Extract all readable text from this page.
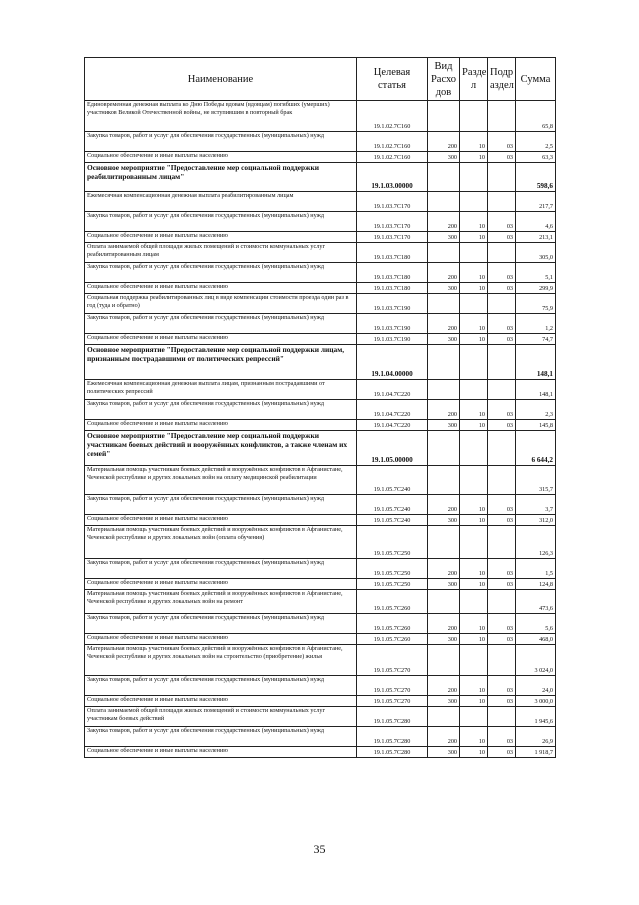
Наименование	Целевая статья	Вид Расхо дов	Разде л	Подр аздел	Сумма
Единовременная денежная выплата ко Дню Победы вдовам (вдовцам) погибших (умерших) участников Великой Отечественной войны, не вступившим в повторный брак	19.1.02.7С160				65,8
Закупка товаров, работ и услуг для обеспечения государственных (муниципальных) нужд	19.1.02.7С160	200	10	03	2,5
Социальное обеспечение и иные выплаты населению	19.1.02.7С160	300	10	03	63,3
Основное мероприятие "Предоставление мер социальной поддержки реабилитированным лицам"	19.1.03.00000				598,6
Ежемесячная компенсационная денежная выплата реабилитированным лицам	19.1.03.7С170				217,7
Закупка товаров, работ и услуг для обеспечения государственных (муниципальных) нужд	19.1.03.7С170	200	10	03	4,6
Социальное обеспечение и иные выплаты населению	19.1.03.7С170	300	10	03	213,1
Оплата занимаемой общей площади жилых помещений и стоимости коммунальных услуг реабилитированным лицам	19.1.03.7С180				305,0
Закупка товаров, работ и услуг для обеспечения государственных (муниципальных) нужд	19.1.03.7С180	200	10	03	5,1
Социальное обеспечение и иные выплаты населению	19.1.03.7С180	300	10	03	299,9
Социальная поддержка реабилитированных лиц в виде компенсации стоимости проезда один раз в год (туда и обратно)	19.1.03.7С190				75,9
Закупка товаров, работ и услуг для обеспечения государственных (муниципальных) нужд	19.1.03.7С190	200	10	03	1,2
Социальное обеспечение и иные выплаты населению	19.1.03.7С190	300	10	03	74,7
Основное мероприятие "Предоставление мер социальной поддержки лицам, признанным пострадавшими от политических репрессий"	19.1.04.00000				148,1
Ежемесячная компенсационная денежная выплата лицам, признанным пострадавшими от политических репрессий	19.1.04.7С220				148,1
Закупка товаров, работ и услуг для обеспечения государственных (муниципальных) нужд	19.1.04.7С220	200	10	03	2,3
Социальное обеспечение и иные выплаты населению	19.1.04.7С220	300	10	03	145,8
Основное мероприятие "Предоставление мер социальной поддержки участникам боевых действий и вооружённых конфликтов, а также членам их семей"	19.1.05.00000				6 644,2
Материальная помощь участникам боевых действий и вооружённых конфликтов в Афганистане, Чеченской республике и других локальных войн на оплату медицинской реабилитации	19.1.05.7С240				315,7
Закупка товаров, работ и услуг для обеспечения государственных (муниципальных) нужд	19.1.05.7С240	200	10	03	3,7
Социальное обеспечение и иные выплаты населению	19.1.05.7С240	300	10	03	312,0
Материальная помощь участникам боевых действий и вооружённых конфликтов в Афганистане, Чеченской республике и других локальных войн (оплата обучения)	19.1.05.7С250				126,3
Закупка товаров, работ и услуг для обеспечения государственных (муниципальных) нужд	19.1.05.7С250	200	10	03	1,5
Социальное обеспечение и иные выплаты населению	19.1.05.7С250	300	10	03	124,8
Материальная помощь участникам боевых действий и вооружённых конфликтов в Афганистане, Чеченской республике и других локальных войн на ремонт	19.1.05.7С260				473,6
Закупка товаров, работ и услуг для обеспечения государственных (муниципальных) нужд	19.1.05.7С260	200	10	03	5,6
Социальное обеспечение и иные выплаты населению	19.1.05.7С260	300	10	03	468,0
Материальная помощь участникам боевых действий и вооружённых конфликтов в Афганистане, Чеченской республике и других локальных войн на строительство (приобретение) жилья	19.1.05.7С270				3 024,0
Закупка товаров, работ и услуг для обеспечения государственных (муниципальных) нужд	19.1.05.7С270	200	10	03	24,0
Социальное обеспечение и иные выплаты населению	19.1.05.7С270	300	10	03	3 000,0
Оплата занимаемой общей площади жилых помещений и стоимости коммунальных услуг участникам боевых действий	19.1.05.7С280				1 945,6
Закупка товаров, работ и услуг для обеспечения государственных (муниципальных) нужд	19.1.05.7С280	200	10	03	26,9
Социальное обеспечение и иные выплаты населению	19.1.05.7С280	300	10	03	1 918,7
35
